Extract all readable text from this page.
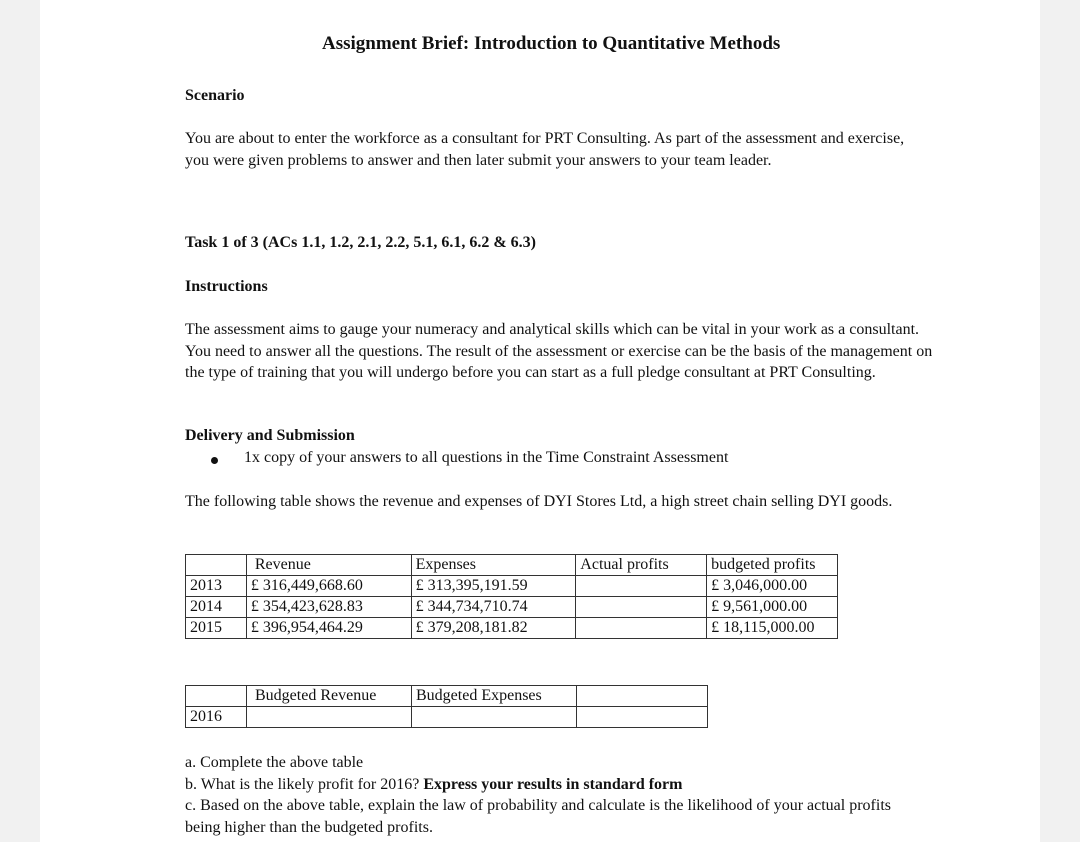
Assignment Brief: Introduction to Quantitative Methods
Scenario
You are about to enter the workforce as a consultant for PRT Consulting. As part of the assessment and exercise, you were given problems to answer and then later submit your answers to your team leader.
Task 1 of 3 (ACs 1.1, 1.2, 2.1, 2.2, 5.1, 6.1, 6.2 & 6.3)
Instructions
The assessment aims to gauge your numeracy and analytical skills which can be vital in your work as a consultant. You need to answer all the questions. The result of the assessment or exercise can be the basis of the management on the type of training that you will undergo before you can start as a full pledge consultant at PRT Consulting.
Delivery and Submission
1x copy of your answers to all questions in the Time Constraint Assessment
The following table shows the revenue and expenses of DYI Stores Ltd, a high street chain selling DYI goods.
	Revenue	Expenses	Actual profits	budgeted profits
2013	£ 316,449,668.60	£ 313,395,191.59		£ 3,046,000.00
2014	£ 354,423,628.83	£ 344,734,710.74		£ 9,561,000.00
2015	£ 396,954,464.29	£ 379,208,181.82		£ 18,115,000.00
	Budgeted Revenue	Budgeted Expenses	
2016			
a. Complete the above table
b. What is the likely profit for 2016? Express your results in standard form
c. Based on the above table, explain the law of probability and calculate is the likelihood of your actual profits being higher than the budgeted profits.
